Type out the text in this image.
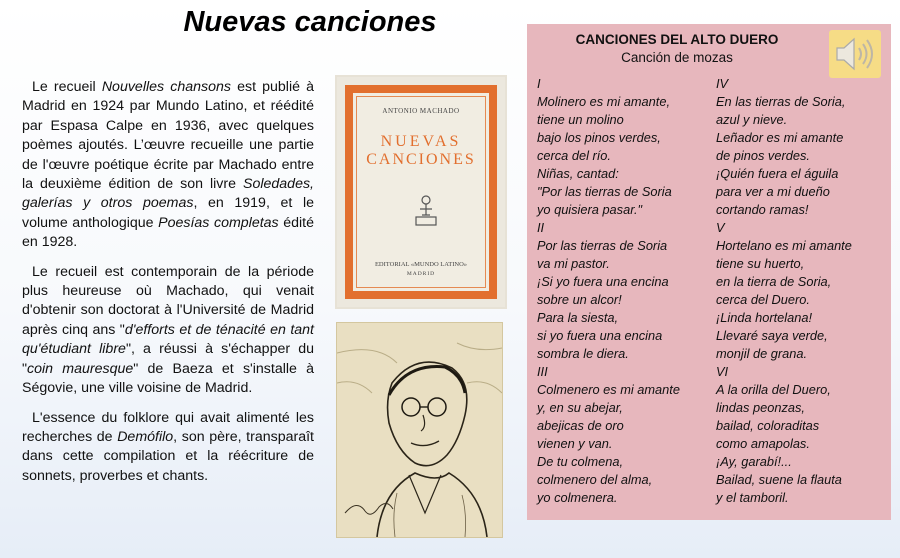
Nuevas canciones

Le recueil Nouvelles chansons est publié à Madrid en 1924 par Mundo Latino, et réédité par Espasa Calpe en 1936, avec quelques poèmes ajoutés. L’œuvre recueille une partie de l'œuvre poétique écrite par Machado entre la deuxième édition de son livre Soledades, galerías y otros poemas, en 1919, et le volume anthologique Poesías completas édité en 1928.

Le recueil est contemporain de la période plus heureuse où Machado, qui venait d'obtenir son doctorat à l'Université de Madrid après cinq ans "d'efforts et de ténacité en tant qu'étudiant libre", a réussi à s'échapper du "coin mauresque" de Baeza et s'installe à Ségovie, une ville voisine de Madrid.

L'essence du folklore qui avait alimenté les recherches de Demófilo, son père, transparaît dans cette compilation et la réécriture de sonnets, proverbes et chants.

ANTONIO MACHADO
NUEVAS
CANCIONES
EDITORIAL «MUNDO LATINO»
MADRID
CANCIONES DEL ALTO DUERO
Canción de mozas
I
Molinero es mi amante,
tiene un molino
bajo los pinos verdes,
cerca del río.
Niñas, cantad:
"Por las tierras de Soria
yo quisiera pasar."
II
Por las tierras de Soria
va mi pastor.
¡Si yo fuera una encina
sobre un alcor!
Para la siesta,
si yo fuera una encina
sombra le diera.
III
Colmenero es mi amante
y, en su abejar,
abejicas de oro
vienen y van.
De tu colmena,
colmenero del alma,
yo colmenera.
IV
En las tierras de Soria,
azul y nieve.
Leñador es mi amante
de pinos verdes.
¡Quién fuera el águila
para ver a mi dueño
cortando ramas!
V
Hortelano es mi amante
tiene su huerto,
en la tierra de Soria,
cerca del Duero.
¡Linda hortelana!
Llevaré saya verde,
monjil de grana.
VI
A la orilla del Duero,
lindas peonzas,
bailad, coloraditas
como amapolas.
¡Ay, garabí!...
Bailad, suene la flauta
y el tamboril.
